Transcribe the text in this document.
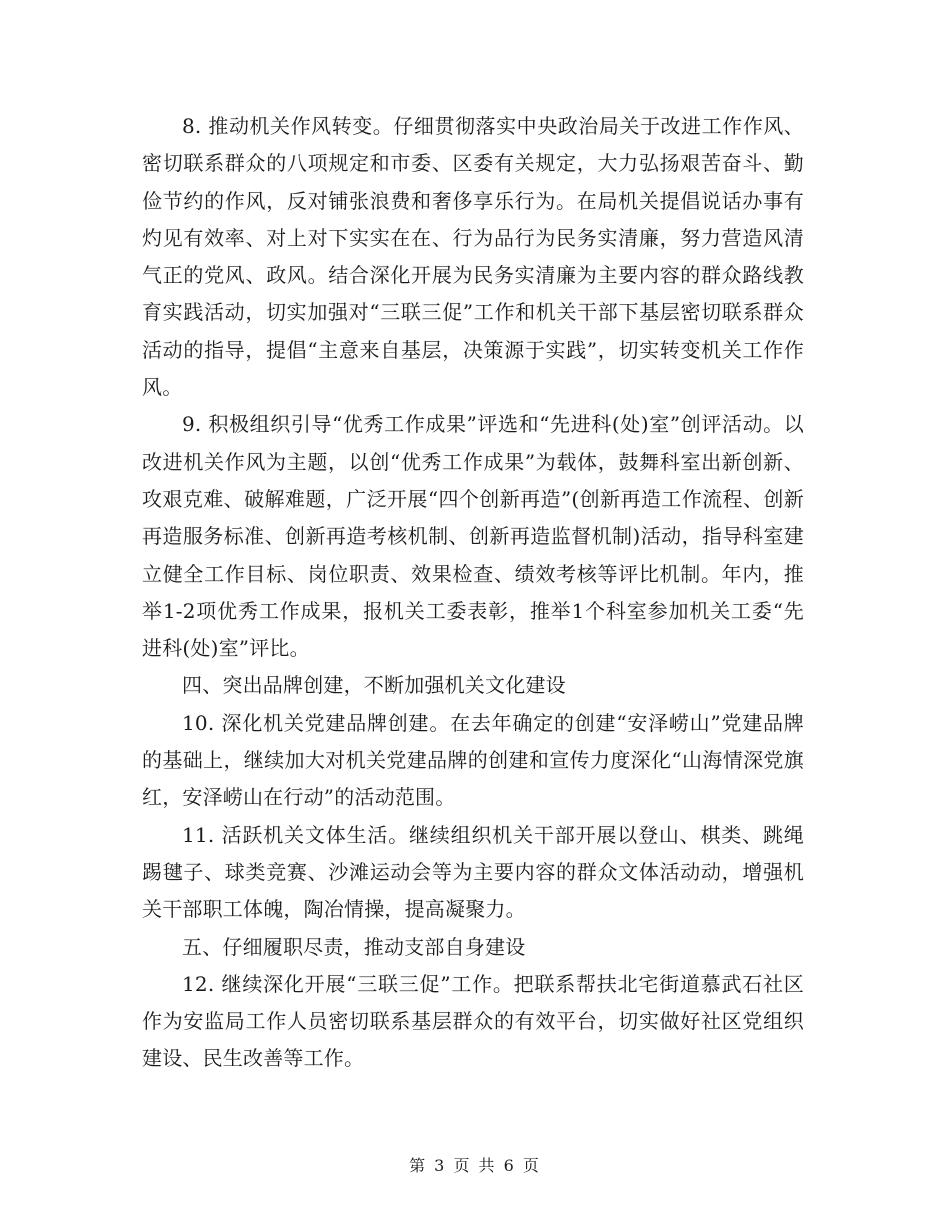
8. 推动机关作风转变。仔细贯彻落实中央政治局关于改进工作作风、密切联系群众的八项规定和市委、区委有关规定，大力弘扬艰苦奋斗、勤俭节约的作风，反对铺张浪费和奢侈享乐行为。在局机关提倡说话办事有灼见有效率、对上对下实实在在、行为品行为民务实清廉，努力营造风清气正的党风、政风。结合深化开展为民务实清廉为主要内容的群众路线教育实践活动，切实加强对“三联三促”工作和机关干部下基层密切联系群众活动的指导，提倡“主意来自基层，决策源于实践”，切实转变机关工作作风。

9. 积极组织引导“优秀工作成果”评选和“先进科(处)室”创评活动。以改进机关作风为主题，以创“优秀工作成果”为载体，鼓舞科室出新创新、攻艰克难、破解难题，广泛开展“四个创新再造”(创新再造工作流程、创新再造服务标准、创新再造考核机制、创新再造监督机制)活动，指导科室建立健全工作目标、岗位职责、效果检查、绩效考核等评比机制。年内，推举1-2项优秀工作成果，报机关工委表彰，推举1个科室参加机关工委“先进科(处)室”评比。

四、突出品牌创建，不断加强机关文化建设

10. 深化机关党建品牌创建。在去年确定的创建“安泽崂山”党建品牌的基础上，继续加大对机关党建品牌的创建和宣传力度深化“山海情深党旗红，安泽崂山在行动”的活动范围。

11. 活跃机关文体生活。继续组织机关干部开展以登山、棋类、跳绳踢毽子、球类竞赛、沙滩运动会等为主要内容的群众文体活动动，增强机关干部职工体魄，陶冶情操，提高凝聚力。

五、仔细履职尽责，推动支部自身建设

12. 继续深化开展“三联三促”工作。把联系帮扶北宅街道慕武石社区作为安监局工作人员密切联系基层群众的有效平台，切实做好社区党组织建设、民生改善等工作。

第 3 页 共 6 页
